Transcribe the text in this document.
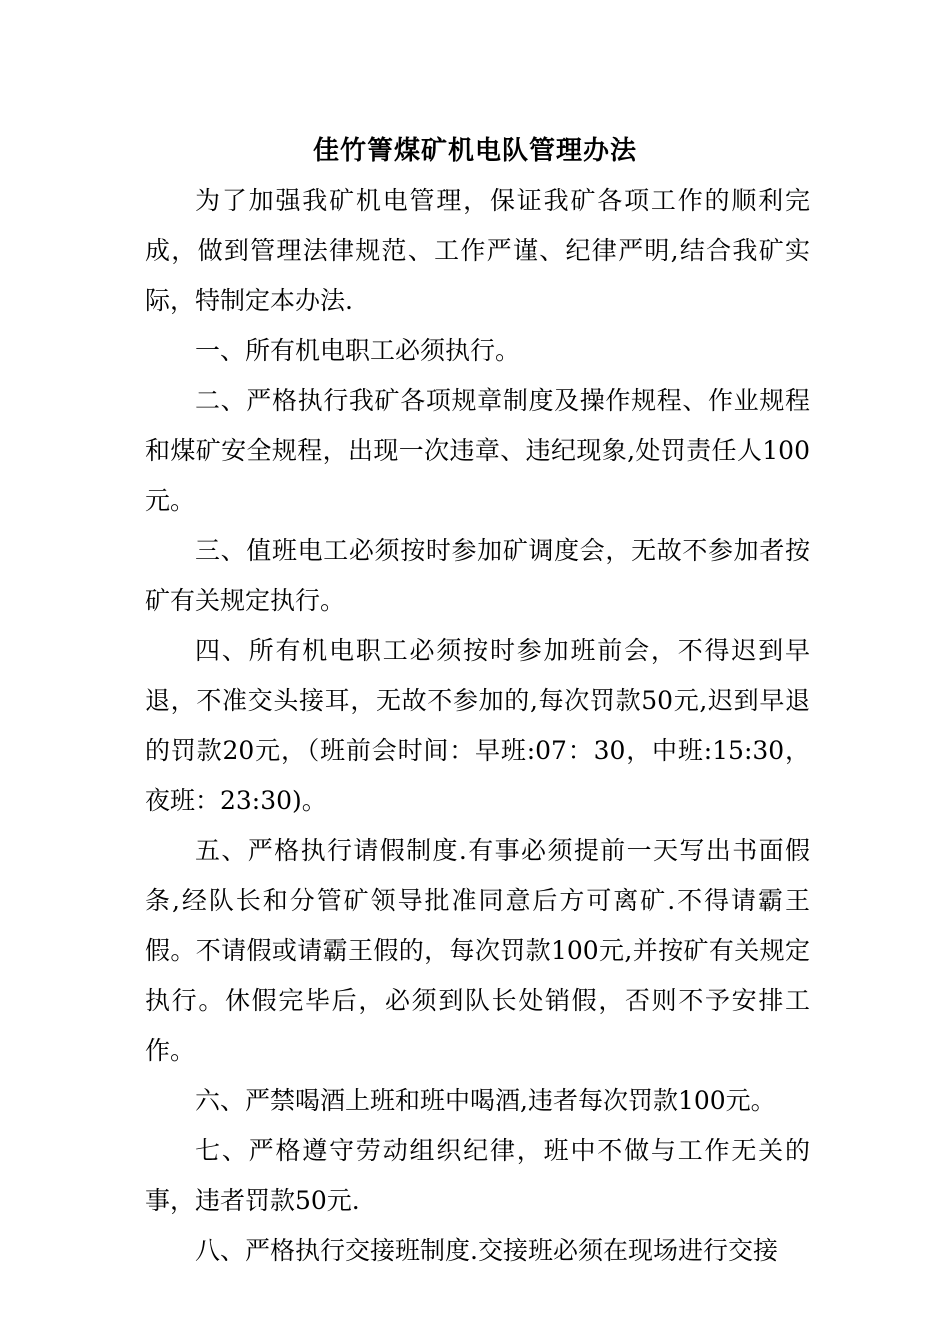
佳竹箐煤矿机电队管理办法

为了加强我矿机电管理，保证我矿各项工作的顺利完成，做到管理法律规范、工作严谨、纪律严明,结合我矿实际，特制定本办法.

一、所有机电职工必须执行。

二、严格执行我矿各项规章制度及操作规程、作业规程和煤矿安全规程，出现一次违章、违纪现象,处罚责任人100元。

三、值班电工必须按时参加矿调度会，无故不参加者按矿有关规定执行。

四、所有机电职工必须按时参加班前会，不得迟到早退，不准交头接耳，无故不参加的,每次罚款50元,迟到早退的罚款20元，（班前会时间：早班:07：30，中班:15:30，夜班：23:30)。

五、严格执行请假制度.有事必须提前一天写出书面假条,经队长和分管矿领导批准同意后方可离矿.不得请霸王假。不请假或请霸王假的，每次罚款100元,并按矿有关规定执行。休假完毕后，必须到队长处销假，否则不予安排工作。

六、严禁喝酒上班和班中喝酒,违者每次罚款100元。

七、严格遵守劳动组织纪律，班中不做与工作无关的事，违者罚款50元.

八、严格执行交接班制度.交接班必须在现场进行交接
